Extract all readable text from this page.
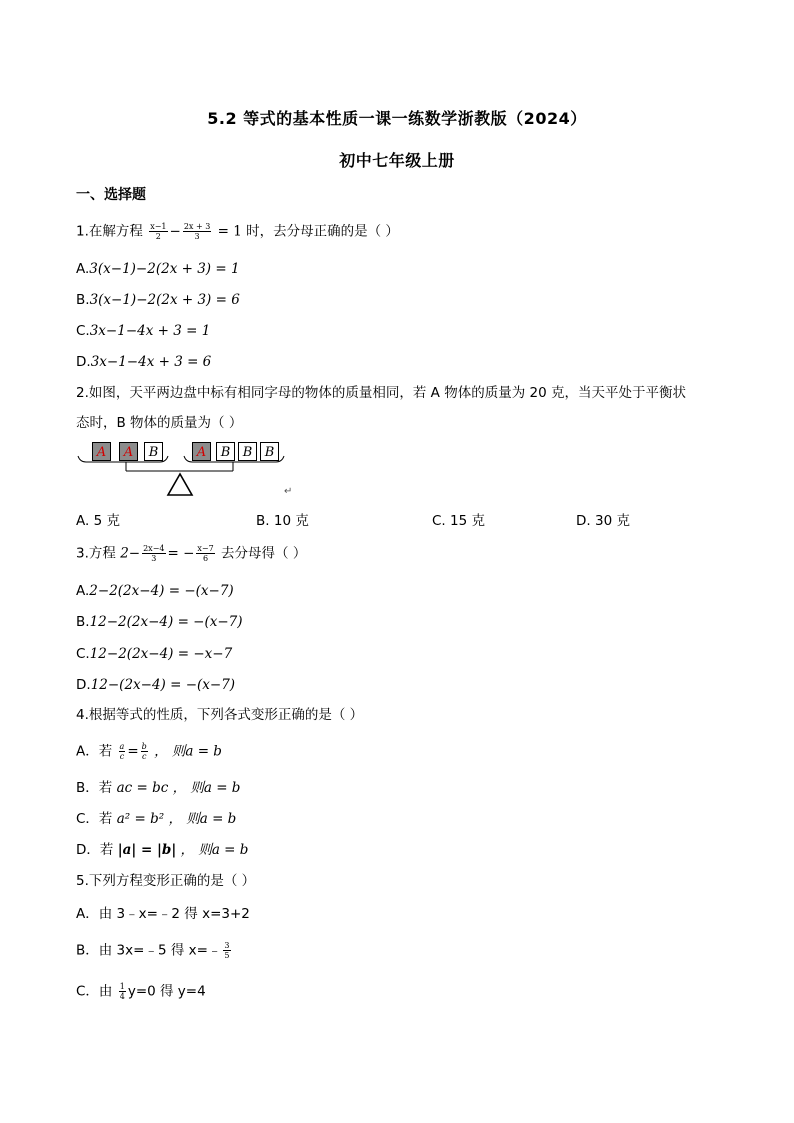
5.2 等式的基本性质一课一练数学浙教版（2024）
初中七年级上册
一、选择题
1.在解方程 $\frac{x-1}{2} - \frac{2x + 3}{3} = 1$ 时，去分母正确的是（ ）
A.3(x−1)−2(2x + 3) = 1
B.3(x−1)−2(2x + 3) = 6
C.3x−1−4x + 3 = 1
D.3x−1−4x + 3 = 6
2.如图，天平两边盘中标有相同字母的物体的质量相同，若 A 物体的质量为 20 克，当天平处于平衡状
态时，B 物体的质量为（ ）
A	A	B	A	B B B
↵
A. 5 克	B. 10 克	C. 15 克	D. 30 克
3.方程 $2- \frac{2x-4}{3}$ = − $\frac{x-7}{6}$ 去分母得（ ）
A.2−2(2x−4) = −(x−7)
B.12−2(2x−4) = −(x−7)
C.12−2(2x−4) = −x−7
D.12−(2x−4) = −(x−7)
4.根据等式的性质，下列各式变形正确的是（ ）
A．若 $\frac{a}{c} = \frac{b}{c}$ ， 则a = b
B．若 ac = bc ， 则a = b
C．若 a² = b² ， 则a = b
D．若 |a| = |b| ， 则a = b
5.下列方程变形正确的是（ ）
A．由 3﹣x=﹣2 得 x=3+2
B．由 3x=﹣5 得 x=﹣ $\frac{3}{5}$
C．由 $\frac{1}{4} y=0$ 得 y=4
